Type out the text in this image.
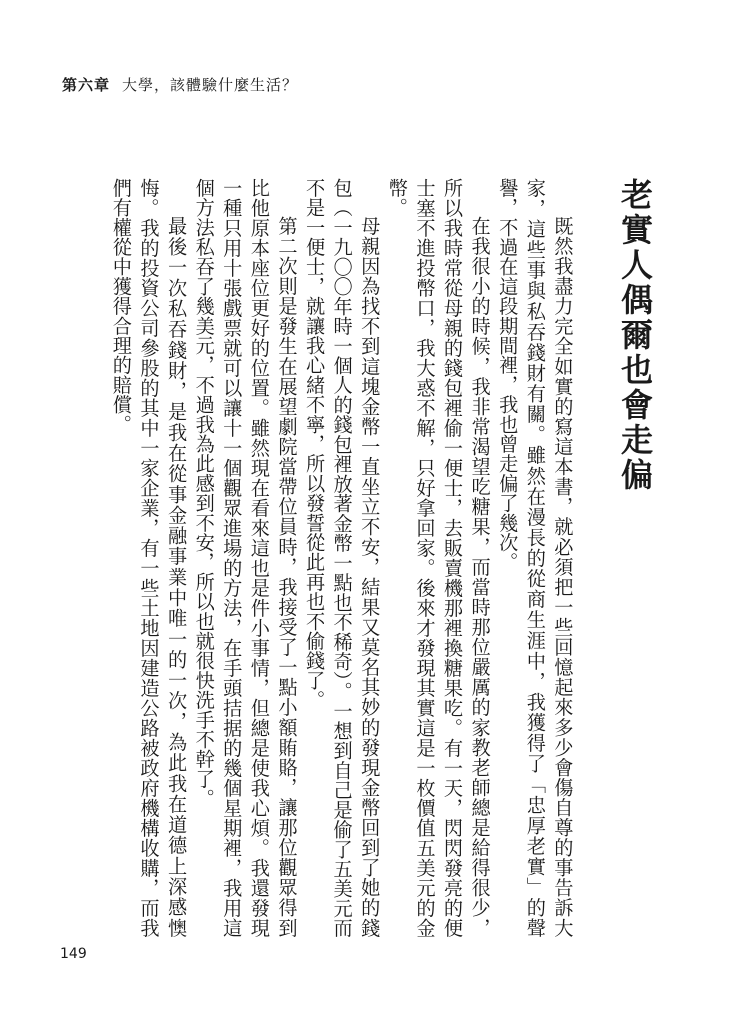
第六章 大學，該體驗什麼生活？
老實人偶爾也會走偏

既然我盡力完全如實的寫這本書，就必須把一些回憶起來多少會傷自尊的事告訴大家，這些事與私吞錢財有關。雖然在漫長的從商生涯中，我獲得了「忠厚老實」的聲譽，不過在這段期間裡，我也曾走偏了幾次。

在我很小的時候，我非常渴望吃糖果，而當時那位嚴厲的家教老師總是給得很少，所以我時常從母親的錢包裡偷一便士，去販賣機那裡換糖果吃。有一天，閃閃發亮的便士塞不進投幣口，我大惑不解，只好拿回家。後來才發現其實這是一枚價值五美元的金幣。

母親因為找不到這塊金幣一直坐立不安，結果又莫名其妙的發現金幣回到了她的錢包（一九〇〇年時一個人的錢包裡放著金幣一點也不稀奇）。一想到自己是偷了五美元而不是一便士，就讓我心緒不寧，所以發誓從此再也不偷錢了。

第二次則是發生在展望劇院當帶位員時，我接受了一點小額賄賂，讓那位觀眾得到比他原本座位更好的位置。雖然現在看來這也是件小事情，但總是使我心煩。我還發現一種只用十張戲票就可以讓十一個觀眾進場的方法，在手頭拮据的幾個星期裡，我用這個方法私吞了幾美元，不過我為此感到不安，所以也就很快洗手不幹了。

最後一次私吞錢財，是我在從事金融事業中唯一的一次，為此我在道德上深感懊悔。我的投資公司參股的其中一家企業，有一些土地因建造公路被政府機構收購，而我們有權從中獲得合理的賠償。

149
